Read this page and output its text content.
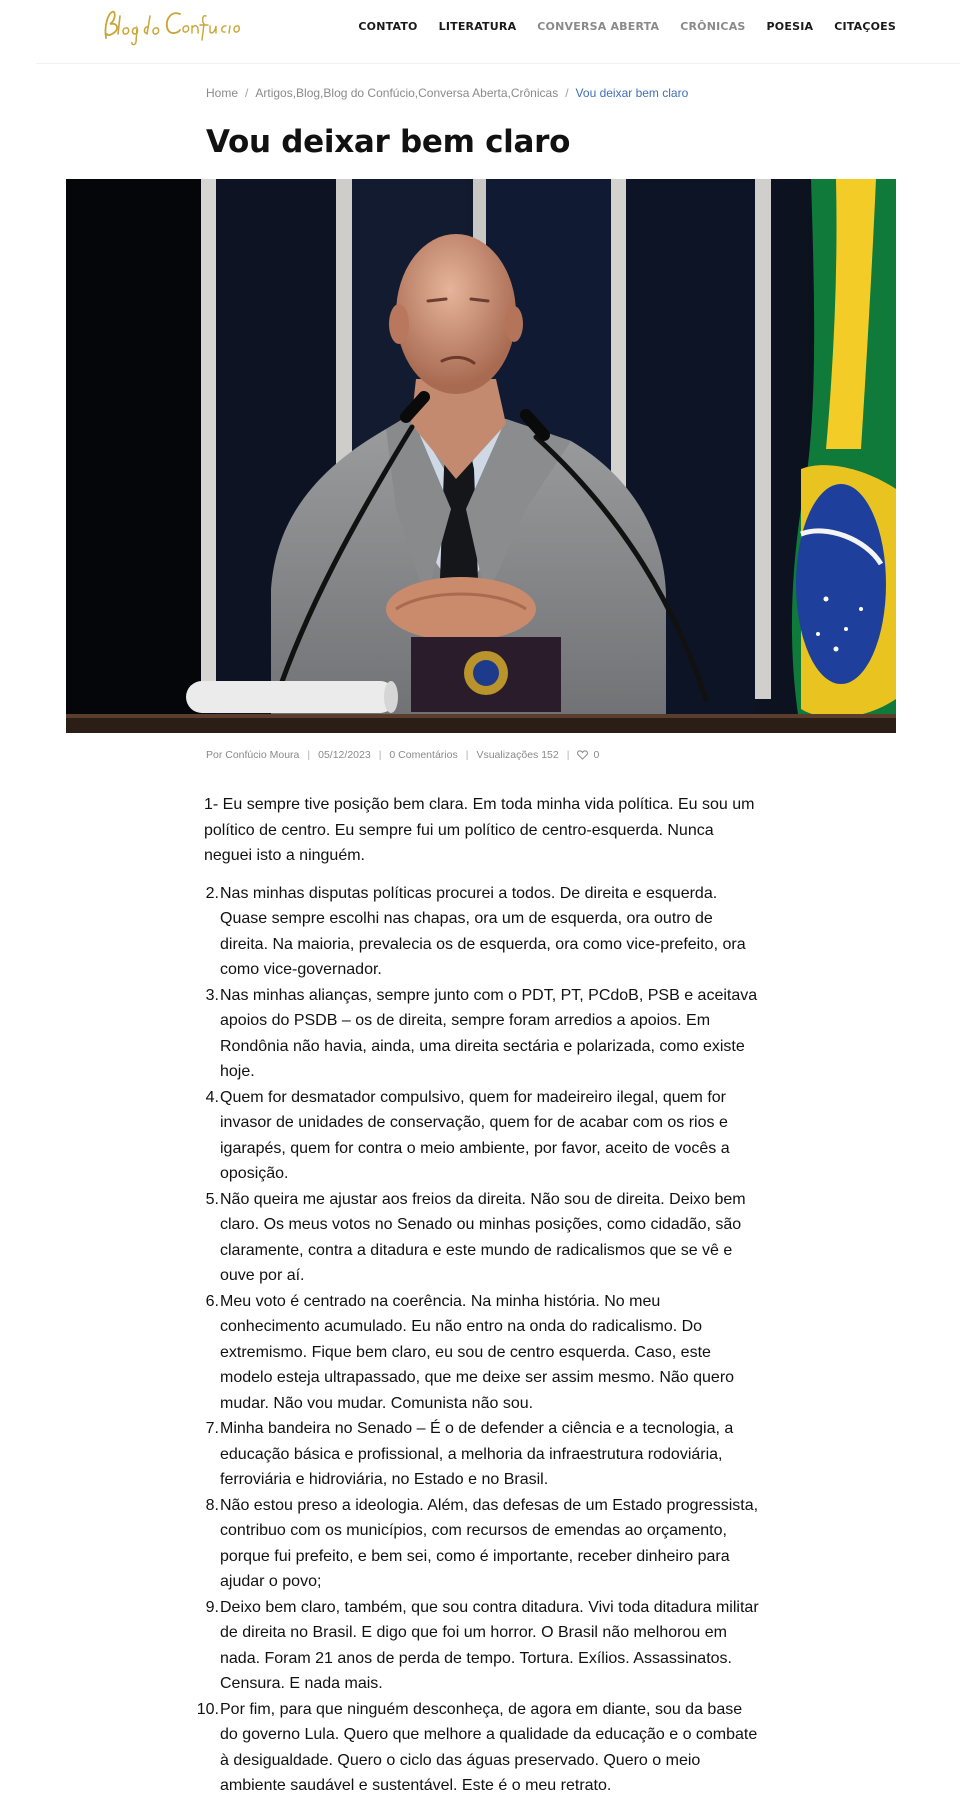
CONTATO LITERATURA CONVERSA ABERTA CRÔNICAS POESIA CITAÇOES
Home / Artigos,Blog,Blog do Confúcio,Conversa Aberta,Crônicas / Vou deixar bem claro
Vou deixar bem claro
Por Confúcio Moura | 05/12/2023 | 0 Comentários | Vsualizações 152 | 0

1- Eu sempre tive posição bem clara. Em toda minha vida política. Eu sou um político de centro. Eu sempre fui um político de centro-esquerda. Nunca neguei isto a ninguém.

2. Nas minhas disputas políticas procurei a todos. De direita e esquerda. Quase sempre escolhi nas chapas, ora um de esquerda, ora outro de direita. Na maioria, prevalecia os de esquerda, ora como vice-prefeito, ora como vice-governador.
3. Nas minhas alianças, sempre junto com o PDT, PT, PCdoB, PSB e aceitava apoios do PSDB – os de direita, sempre foram arredios a apoios. Em Rondônia não havia, ainda, uma direita sectária e polarizada, como existe hoje.
4. Quem for desmatador compulsivo, quem for madeireiro ilegal, quem for invasor de unidades de conservação, quem for de acabar com os rios e igarapés, quem for contra o meio ambiente, por favor, aceito de vocês a oposição.
5. Não queira me ajustar aos freios da direita. Não sou de direita. Deixo bem claro. Os meus votos no Senado ou minhas posições, como cidadão, são claramente, contra a ditadura e este mundo de radicalismos que se vê e ouve por aí.
6. Meu voto é centrado na coerência. Na minha história. No meu conhecimento acumulado. Eu não entro na onda do radicalismo. Do extremismo. Fique bem claro, eu sou de centro esquerda. Caso, este modelo esteja ultrapassado, que me deixe ser assim mesmo. Não quero mudar. Não vou mudar. Comunista não sou.
7. Minha bandeira no Senado – É o de defender a ciência e a tecnologia, a educação básica e profissional, a melhoria da infraestrutura rodoviária, ferroviária e hidroviária, no Estado e no Brasil.
8. Não estou preso a ideologia. Além, das defesas de um Estado progressista, contribuo com os municípios, com recursos de emendas ao orçamento, porque fui prefeito, e bem sei, como é importante, receber dinheiro para ajudar o povo;
9. Deixo bem claro, também, que sou contra ditadura. Vivi toda ditadura militar de direita no Brasil. E digo que foi um horror. O Brasil não melhorou em nada. Foram 21 anos de perda de tempo. Tortura. Exílios. Assassinatos. Censura. E nada mais.
10. Por fim, para que ninguém desconheça, de agora em diante, sou da base do governo Lula. Quero que melhore a qualidade da educação e o combate à desigualdade. Quero o ciclo das águas preservado. Quero o meio ambiente saudável e sustentável. Este é o meu retrato.
